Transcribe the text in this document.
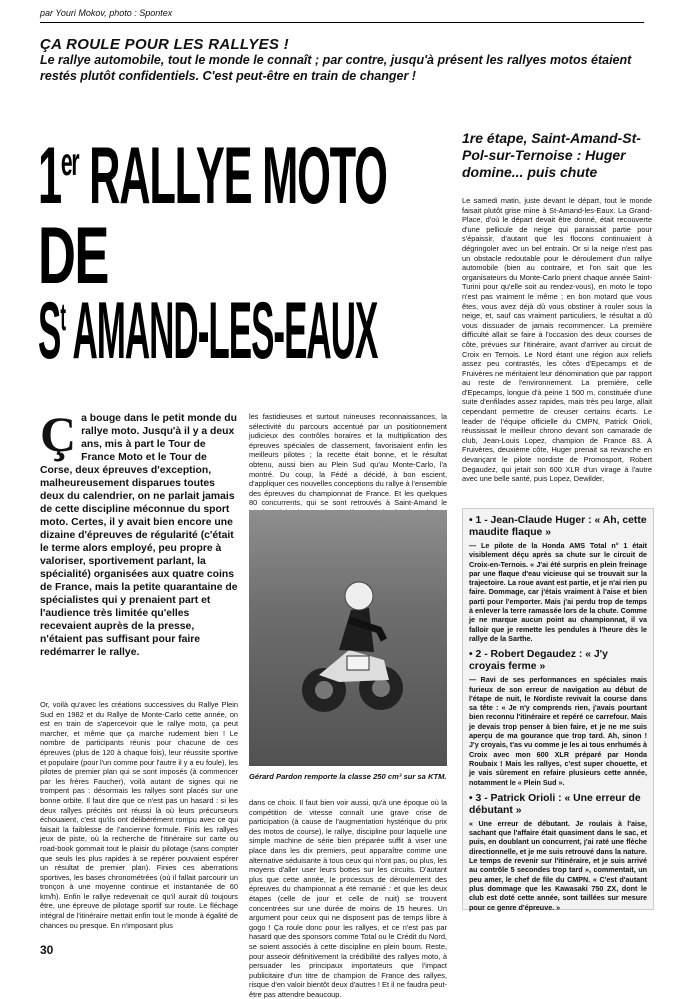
par Youri Mokov, photo : Spontex
ÇA ROULE POUR LES RALLYES !
Le rallye automobile, tout le monde le connaît ; par contre, jusqu'à présent les rallyes motos étaient restés plutôt confidentiels. C'est peut-être en train de changer !
1er RALLYE MOTO
DE
$S^t$ AMAND-LES-EAUX
1re étape, Saint-Amand-St-Pol-sur-Ternoise : Huger domine... puis chute
Ç a bouge dans le petit monde du rallye moto. Jusqu'à il y a deux ans, mis à part le Tour de France Moto et le Tour de Corse, deux épreuves d'exception, malheureusement disparues toutes deux du calendrier, on ne parlait jamais de cette discipline méconnue du sport moto. Certes, il y avait bien encore une dizaine d'épreuves de régularité (c'était le terme alors employé, peu propre à valoriser, sportivement parlant, la spécialité) organisées aux quatre coins de France, mais la petite quarantaine de spécialistes qui y prenaient part et l'audience très limitée qu'elles recevaient auprès de la presse, n'étaient pas suffisant pour faire redémarrer le rallye.
Or, voilà qu'avec les créations successives du Rallye Plein Sud en 1982 et du Rallye de Monte-Carlo cette année, on est en train de s'apercevoir que le rallye moto, ça peut marcher, et même que ça marche rudement bien ! Le nombre de participants réunis pour chacune de ces épreuves (plus de 120 à chaque fois), leur réussite sportive et populaire (pour l'un comme pour l'autre il y a eu foule), les pilotes de premier plan qui se sont imposés (à commencer par les frères Faucher), voilà autant de signes qui ne trompent pas : désormais les rallyes sont placés sur une bonne orbite. Il faut dire que ce n'est pas un hasard : si les deux rallyes précités ont réussi là où leurs précurseurs échouaient, c'est qu'ils ont délibérément rompu avec ce qui faisait la faiblesse de l'ancienne formule. Finis les rallyes jeux de piste, où la recherche de l'itinéraire sur carte ou road-book gommait tout le plaisir du pilotage (sans compter que seuls les plus rapides à se repérer pouvaient espérer un résultat de premier plan). Finies ces aberrations sportives, les bases chronométrées (où il fallait parcourir un tronçon à une moyenne continue et instantanée de 60 km/h). Enfin le rallye redevenait ce qu'il aurait dû toujours être, une épreuve de pilotage sportif sur route. Le fléchage intégral de l'itinéraire mettait enfin tout le monde à égalité de chances ou presque. En n'imposant plus
les fastidieuses et surtout ruineuses reconnaissances, la sélectivité du parcours accentué par un positionnement judicieux des contrôles horaires et la multiplication des épreuves spéciales de classement, favorisaient enfin les meilleurs pilotes ; la recette était bonne, et le résultat obtenu, aussi bien au Plein Sud qu'au Monte-Carlo, l'a montré. Du coup, la Fédé a décidé, à bon escient, d'appliquer ces nouvelles conceptions du rallye à l'ensemble des épreuves du championnat de France. Et les quelques 80 concurrents, qui se sont retrouvés à Saint-Amand le
Gérard Pardon remporte la classe 250 cm³ sur sa KTM.
dans ce choix. Il faut bien voir aussi, qu'à une époque où la compétition de vitesse connaît une grave crise de participation (à cause de l'augmentation hystérique du prix des motos de course), le rallye, discipline pour laquelle une simple machine de série bien préparée suffit à viser une place dans les dix premiers, peut apparaître comme une alternative séduisante à tous ceux qui n'ont pas, ou plus, les moyens d'aller user leurs bottes sur les circuits. D'autant plus que cette année, le processus de déroulement des épreuves du championnat a été remanié : et que les deux étapes (celle de jour et celle de nuit) se trouvent concentrées sur une durée de moins de 15 heures. Un argument pour ceux qui ne disposent pas de temps libre à gogo ! Ça roule donc pour les rallyes, et ce n'est pas par hasard que des sponsors comme Total ou le Crédit du Nord, se soient associés à cette discipline en plein boum. Reste, pour asseoir définitivement la crédibilité des rallyes moto, à persuader les principaux importateurs que l'impact publicitaire d'un titre de champion de France des rallyes, risque d'en valoir bientôt deux d'autres ! Et il ne faudra peut-être pas attendre beaucoup.
Le samedi matin, juste devant le départ, tout le monde faisait plutôt grise mine à St-Amand-les-Eaux. La Grand-Place, d'où le départ devait être donné, était recouverte d'une pellicule de neige qui paraissait partie pour s'épaissir, d'autant que les flocons continuaient à dégringoler avec un bel entrain. Or si la neige n'est pas un obstacle redoutable pour le déroulement d'un rallye automobile (bien au contraire, et l'on sait que les organisateurs du Monte-Carlo prient chaque année Saint-Turini pour qu'elle soit au rendez-vous), en moto le topo n'est pas vraiment le même ; en bon motard que vous êtes, vous avez déjà dû vous obstiner à rouler sous la neige, et, sauf cas vraiment particuliers, le résultat a dû vous dissuader de jamais recommencer. La première difficulté allait se faire à l'occasion des deux courses de côte, prévues sur l'itinéraire, avant d'arriver au circuit de Croix en Ternois. Le Nord étant une région aux reliefs assez peu contrastés, les côtes d'Epecamps et de Fruivères ne méritaient leur dénomination que par rapport au reste de l'environnement. La première, celle d'Epecamps, longue d'à peine 1 500 m, constituée d'une suite d'enfilades assez rapides, mais très peu large, allait cependant permettre de creuser certains écarts. Le leader de l'équipe officielle du CMPN, Patrick Orioli, réussissait le meilleur chrono devant son camarade de club, Jean-Louis Lopez, champion de France 83. A Fruivères, deuxième côte, Huger prenait sa revanche en devançant le pilote nordiste de Promosport, Robert Degaudez, qui jetait son 600 XLR d'un virage à l'autre avec une belle santé, puis Lopez, Dewilder,
• 1 - Jean-Claude Huger : « Ah, cette maudite flaque »
— Le pilote de la Honda AMS Total n° 1 était visiblement déçu après sa chute sur le circuit de Croix-en-Ternois. « J'ai été surpris en plein freinage par une flaque d'eau vicieuse qui se trouvait sur la trajectoire. La roue avant est partie, et je n'ai rien pu faire. Dommage, car j'étais vraiment à l'aise et bien parti pour l'emporter. Mais j'ai perdu trop de temps à enlever la terre ramassée lors de la chute. Comme je ne marque aucun point au championnat, il va falloir que je remette les pendules à l'heure dès le rallye de la Sarthe.
• 2 - Robert Degaudez : « J'y croyais ferme »
— Ravi de ses performances en spéciales mais furieux de son erreur de navigation au début de l'étape de nuit, le Nordiste revivait la course dans sa tête : « Je n'y comprends rien, j'avais pourtant bien reconnu l'itinéraire et repéré ce carrefour. Mais je devais trop penser à bien faire, et je ne me suis aperçu de ma gourance que trop tard. Ah, sinon ! J'y croyais, t'as vu comme je les ai tous enrhumés à Croix avec mon 600 XLR préparé par Honda Roubaix ! Mais les rallyes, c'est super chouette, et je vais sûrement en refaire plusieurs cette année, notamment le « Plein Sud ».
• 3 - Patrick Orioli : « Une erreur de débutant »
« Une erreur de débutant. Je roulais à l'aise, sachant que l'affaire était quasiment dans le sac, et puis, en doublant un concurrent, j'ai raté une flèche directionnelle, et je me suis retrouvé dans la nature. Le temps de revenir sur l'itinéraire, et je suis arrivé au contrôle 5 secondes trop tard », commentait, un peu amer, le chef de file du CMPN. « C'est d'autant plus dommage que les Kawasaki 750 ZX, dont le club est doté cette année, sont taillées sur mesure pour ce genre d'épreuve. »
30
